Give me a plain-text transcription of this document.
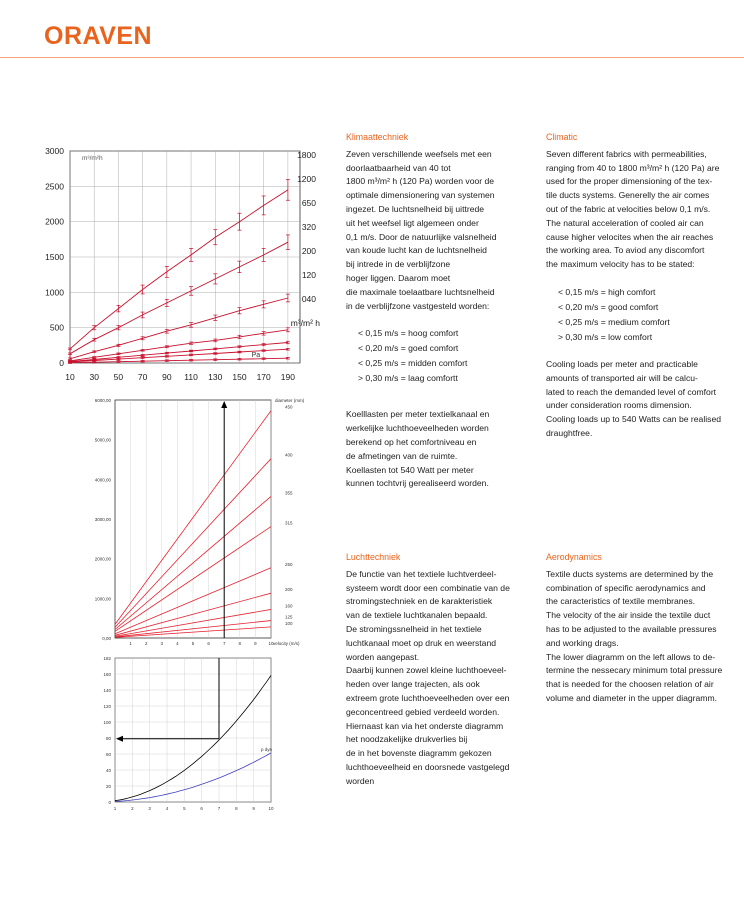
ORAVEN
3000
2500
2000
1500
1000
500
0
10 30 50 70 90 110 130 150 170 190
m³/m²h
Pa
1800
1200
650
320
200
120
040
m³/m² h
6000,00
5000,00
4000,00
3000,00
2000,00
1000,00
0,00
1	2	3	4	5	6	7	8	9	10 velocity (m/s)
diameter (mm)
450
400
355
315
250
200
160
125
100
182
160
140
120
100
80
60
40
20
0
1	2	3	4	5	6	7	8	9	10
p dyn
Klimaattechniek

Zeven verschillende weefsels met een
doorlaatbaarheid van 40 tot
1800 m³/m² h (120 Pa) worden voor de
optimale dimensionering van systemen
ingezet. De luchtsnelheid bij uittrede
uit het weefsel ligt algemeen onder
0,1 m/s. Door de natuurlijke valsnelheid
van koude lucht kan de luchtsnelheid
bij intrede in de verblijfzone
hoger liggen. Daarom moet
die maximale toelaatbare luchtsnelheid
in de verblijfzone vastgesteld worden:

< 0,15 m/s = hoog comfort
< 0,20 m/s = goed comfort
< 0,25 m/s = midden comfort
> 0,30 m/s = laag comfortt

Koelllasten per meter textielkanaal en
werkelijke luchthoeveelheden worden
berekend op het comfortniveau en
de afmetingen van de ruimte.
Koellasten tot 540 Watt per meter
kunnen tochtvrij gerealiseerd worden.

Climatic

Seven different fabrics with permeabilities,
ranging from 40 to 1800 m³/m² h (120 Pa) are
used for the proper dimensioning of the tex-
tile ducts systems. Generelly the air comes
out of the fabric at velocities below 0,1 m/s.
The natural acceleration of cooled air can
cause higher velocites when the air reaches
the working area. To aviod any discomfort
the maximum velocity has to be stated:

< 0,15 m/s = high comfort
< 0,20 m/s = good comfort
< 0,25 m/s = medium comfort
> 0,30 m/s = low comfort

Cooling loads per meter and practicable
amounts of transported air will be calcu-
lated to reach the demanded level of comfort
under consideration rooms dimension.
Cooling loads up to 540 Watts can be realised
draughtfree.

Luchttechniek

De functie van het textiele luchtverdeel-
systeem wordt door een combinatie van de
stromingstechniek en de karakteristiek
van de textiele luchtkanalen bepaald.
De stromingssnelheid in het textiele
luchtkanaal moet op druk en weerstand
worden aangepast.
Daarbij kunnen zowel kleine luchthoeveel-
heden over lange trajecten, als ook
extreem grote luchthoeveelheden over een
geconcentreed gebied verdeeld worden.
Hiernaast kan via het onderste diagramm
het noodzakelijke drukverlies bij
de in het bovenste diagramm gekozen
luchthoeveelheid en doorsnede vastgelegd
worden

Aerodynamics

Textile ducts systems are determined by the
combination of specific aerodynamics and
the caracteristics of textile membranes.
The velocity of the air inside the textile duct
has to be adjusted to the available pressures
and working drags.
The lower diagramm on the left allows to de-
termine the nessecary minimum total pressure
that is needed for the choosen relation of air
volume and diameter in the upper diagramm.
